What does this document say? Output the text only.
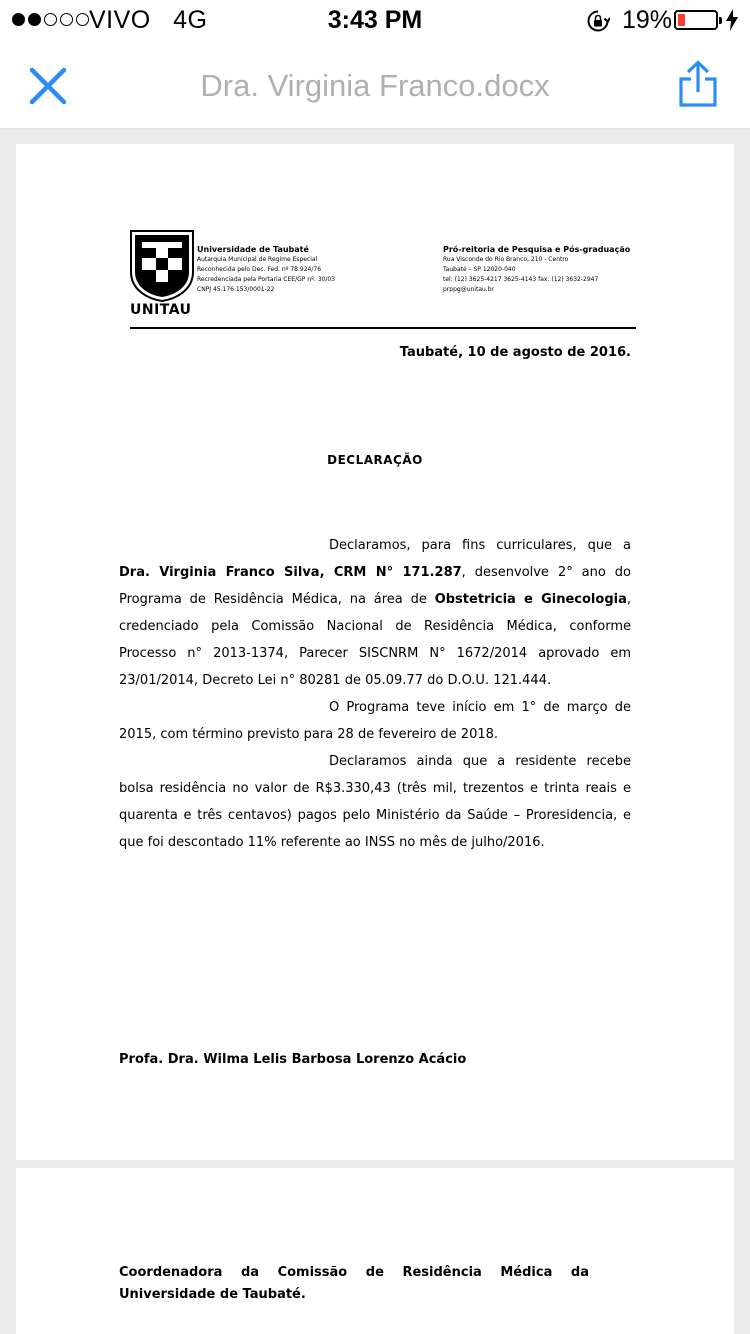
VIVO 4G	3:43 PM	19%
Dra. Virginia Franco.docx
UNITAU
Universidade de Taubaté
Autarquia Municipal de Regime Especial
Reconhecida pelo Dec. Fed. nº 78.924/76
Recredenciada pela Portaria CEE/GP nº. 30/03
CNPJ 45.176.153/0001-22
Pró-reitoria de Pesquisa e Pós-graduação
Rua Visconde do Rio Branco, 210 - Centro
Taubaté – SP 12020-040
tel: (12) 3625-4217 3625-4143 fax: (12) 3632-2947
prppg@unitau.br
Taubaté, 10 de agosto de 2016.
DECLARAÇÃO

Declaramos, para fins curriculares, que a Dra. Virginia Franco Silva, CRM N° 171.287, desenvolve 2° ano do Programa de Residência Médica, na área de Obstetricia e Ginecologia, credenciado pela Comissão Nacional de Residência Médica, conforme Processo n° 2013-1374, Parecer SISCNRM N° 1672/2014 aprovado em 23/01/2014, Decreto Lei n° 80281 de 05.09.77 do D.O.U. 121.444.

O Programa teve início em 1° de março de 2015, com término previsto para 28 de fevereiro de 2018.

Declaramos ainda que a residente recebe bolsa residência no valor de R$3.330,43 (três mil, trezentos e trinta reais e quarenta e três centavos) pagos pelo Ministério da Saúde – Proresidencia, e que foi descontado 11% referente ao INSS no mês de julho/2016.

Profa. Dra. Wilma Lelis Barbosa Lorenzo Acácio
Coordenadora da Comissão de Residência Médica da Universidade de Taubaté.
